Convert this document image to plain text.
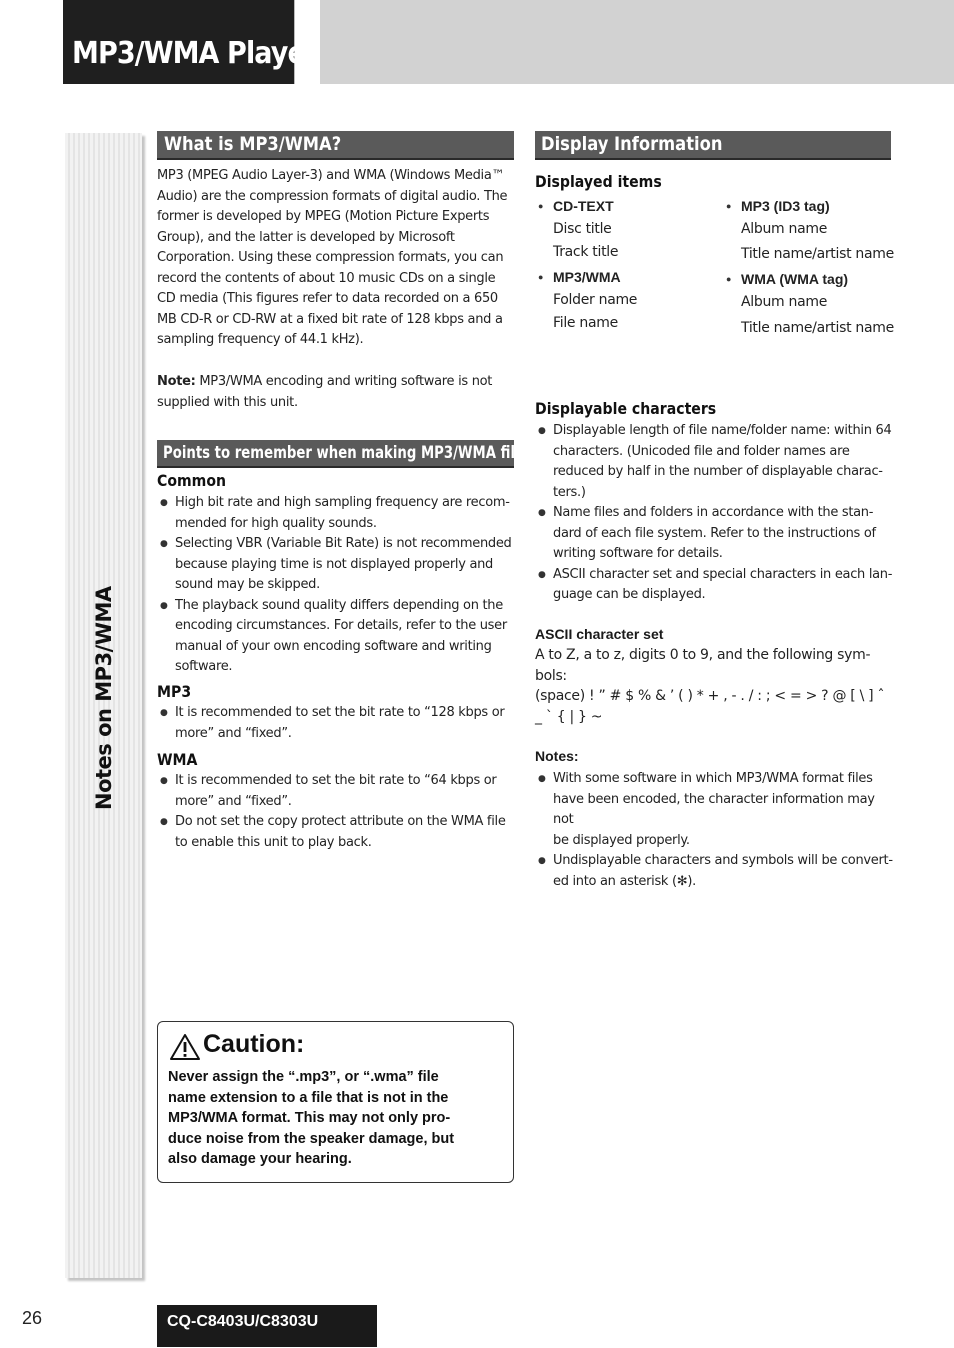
MP3/WMA Player
Notes on MP3/WMA
What is MP3/WMA?
MP3 (MPEG Audio Layer-3) and WMA (Windows Media™
Audio) are the compression formats of digital audio. The
former is developed by MPEG (Motion Picture Experts
Group), and the latter is developed by Microsoft
Corporation. Using these compression formats, you can
record the contents of about 10 music CDs on a single
CD media (This figures refer to data recorded on a 650
MB CD-R or CD-RW at a fixed bit rate of 128 kbps and a
sampling frequency of 44.1 kHz).
Note: MP3/WMA encoding and writing software is not
supplied with this unit.
Points to remember when making MP3/WMA files
Common
● High bit rate and high sampling frequency are recom-
mended for high quality sounds.
● Selecting VBR (Variable Bit Rate) is not recommended
because playing time is not displayed properly and
sound may be skipped.
● The playback sound quality differs depending on the
encoding circumstances. For details, refer to the user
manual of your own encoding software and writing
software.
MP3
● It is recommended to set the bit rate to “128 kbps or
more” and “fixed”.
WMA
● It is recommended to set the bit rate to “64 kbps or
more” and “fixed”.
● Do not set the copy protect attribute on the WMA file
to enable this unit to play back.
Caution:
Never assign the “.mp3”, or “.wma” file
name extension to a file that is not in the
MP3/WMA format. This may not only pro-
duce noise from the speaker damage, but
also damage your hearing.
Display Information
Displayed items
● CD-TEXT
Disc title
Track title
● MP3/WMA
Folder name
File name
● MP3 (ID3 tag)
Album name
Title name/artist name
● WMA (WMA tag)
Album name
Title name/artist name
Displayable characters
● Displayable length of file name/folder name: within 64
characters. (Unicoded file and folder names are
reduced by half in the number of displayable charac-
ters.)
● Name files and folders in accordance with the stan-
dard of each file system. Refer to the instructions of
writing software for details.
● ASCII character set and special characters in each lan-
guage can be displayed.
ASCII character set
A to Z, a to z, digits 0 to 9, and the following sym-
bols:
(space) ! ” # $ % & ’ ( ) * + , - . / : ; < = > ? @ [ \ ] ˆ
_ ` { | } ~
Notes:
● With some software in which MP3/WMA format files
have been encoded, the character information may not
be displayed properly.
● Undisplayable characters and symbols will be convert-
ed into an asterisk (✻).
26	CQ-C8403U/C8303U
